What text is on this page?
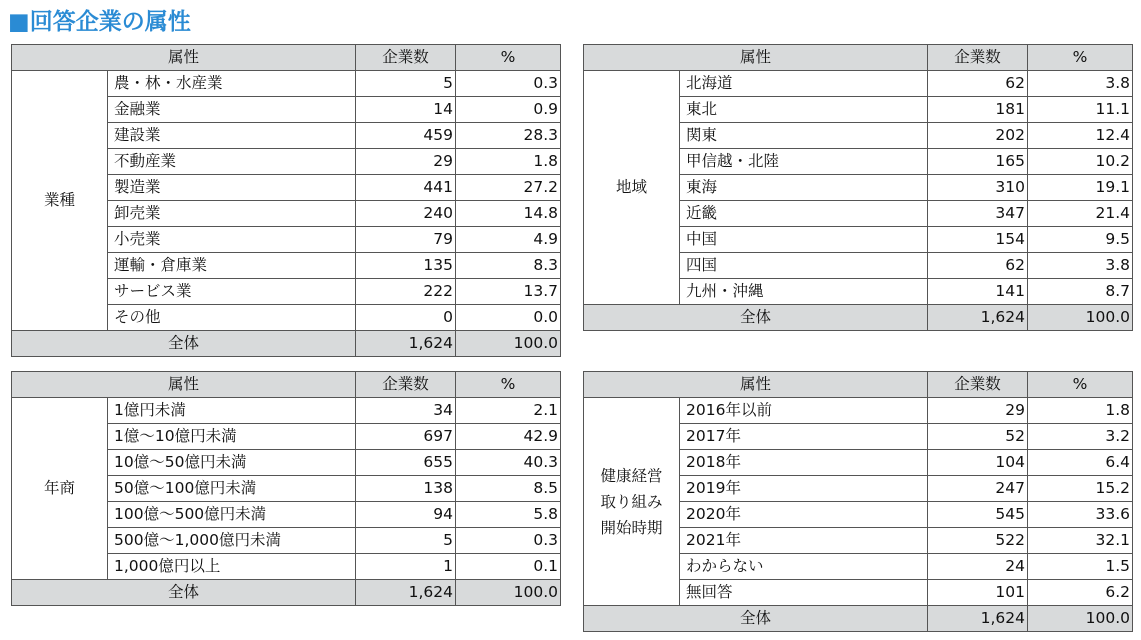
■回答企業の属性
属性		企業数	%
業種	農・林・水産業	5	0.3
	金融業	14	0.9
	建設業	459	28.3
	不動産業	29	1.8
	製造業	441	27.2
	卸売業	240	14.8
	小売業	79	4.9
	運輸・倉庫業	135	8.3
	サービス業	222	13.7
	その他	0	0.0
全体		1,624	100.0
属性		企業数	%
地域	北海道	62	3.8
	東北	181	11.1
	関東	202	12.4
	甲信越・北陸	165	10.2
	東海	310	19.1
	近畿	347	21.4
	中国	154	9.5
	四国	62	3.8
	九州・沖縄	141	8.7
全体		1,624	100.0
属性		企業数	%
年商	1億円未満	34	2.1
	1億～10億円未満	697	42.9
	10億～50億円未満	655	40.3
	50億～100億円未満	138	8.5
	100億～500億円未満	94	5.8
	500億～1,000億円未満	5	0.3
	1,000億円以上	1	0.1
全体		1,624	100.0
属性		企業数	%

健康経営
取り組み
開始時期	2016年以前	29	1.8
	2017年	52	3.2
	2018年	104	6.4
	2019年	247	15.2
	2020年	545	33.6
	2021年	522	32.1
	わからない	24	1.5
	無回答	101	6.2
全体		1,624	100.0
